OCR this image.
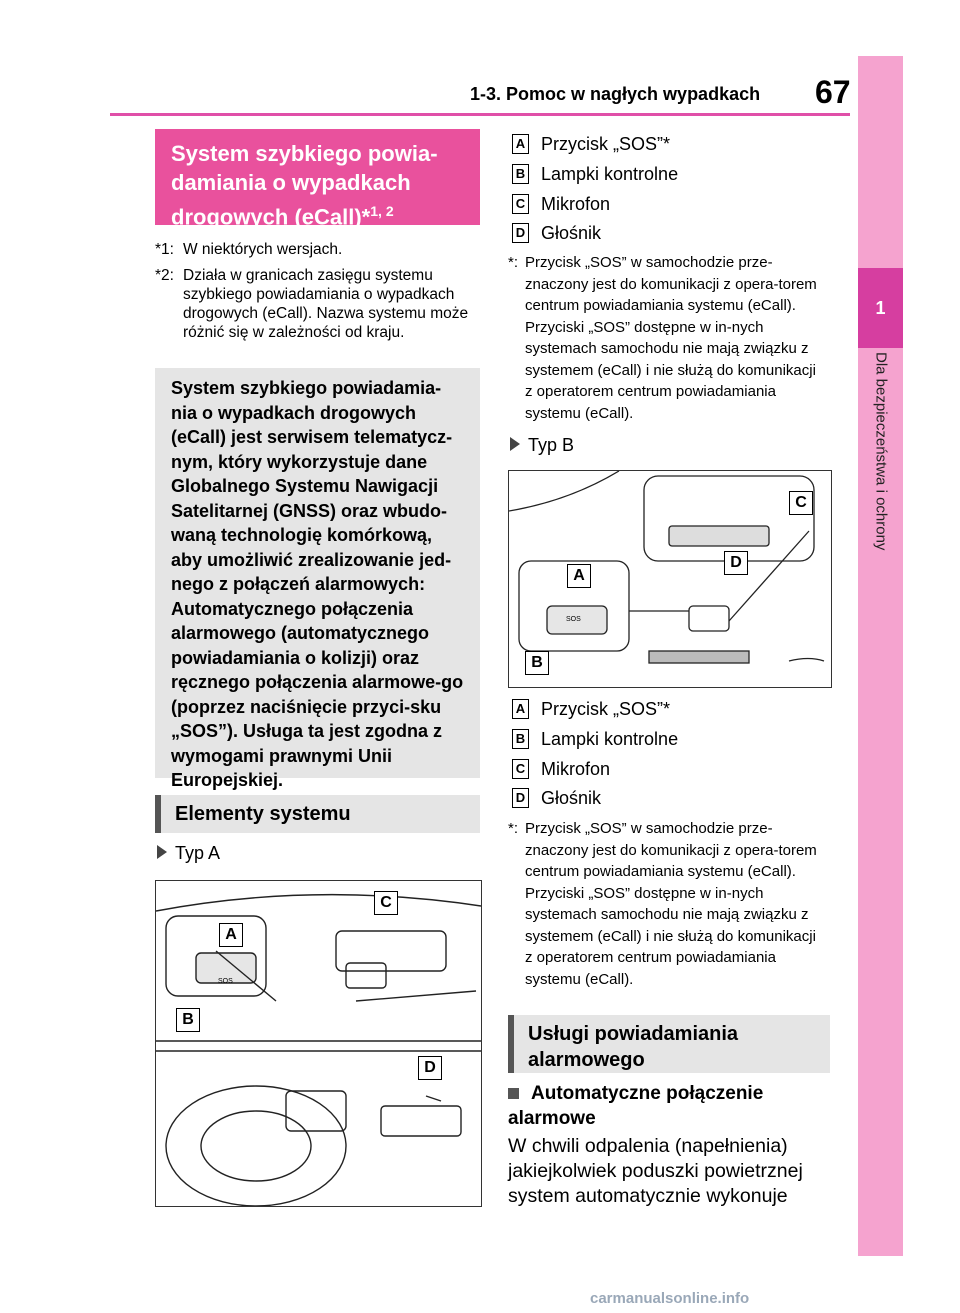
1-3. Pomoc w nagłych wypadkach 67
1
Dla bezpieczeństwa i ochrony
System szybkiego powia-damiania o wypadkach drogowych (eCall)*$^{1, 2}$
*1: W niektórych wersjach.
*2: Działa w granicach zasięgu systemu szybkiego powiadamiania o wypadkach drogowych (eCall). Nazwa systemu może różnić się w zależności od kraju.
System szybkiego powiadamia-nia o wypadkach drogowych (eCall) jest serwisem telematycz-nym, który wykorzystuje dane Globalnego Systemu Nawigacji Satelitarnej (GNSS) oraz wbudo-waną technologię komórkową, aby umożliwić zrealizowanie jed-nego z połączeń alarmowych: Automatycznego połączenia alarmowego (automatycznego powiadamiania o kolizji) oraz ręcznego połączenia alarmowe-go (poprzez naciśnięcie przyci-sku „SOS”). Usługa ta jest zgodna z wymogami prawnymi Unii Europejskiej.
Elementy systemu
Typ A
A
B
C
D
SOS
A Przycisk „SOS”*
B Lampki kontrolne
C Mikrofon
D Głośnik
*: Przycisk „SOS” w samochodzie prze-znaczony jest do komunikacji z opera-torem centrum powiadamiania systemu (eCall). Przyciski „SOS” dostępne w in-nych systemach samochodu nie mają związku z systemem (eCall) i nie służą do komunikacji z operatorem centrum powiadamiania systemu (eCall).
Typ B
A
B
C
D
SOS
A Przycisk „SOS”*
B Lampki kontrolne
C Mikrofon
D Głośnik
*: Przycisk „SOS” w samochodzie prze-znaczony jest do komunikacji z opera-torem centrum powiadamiania systemu (eCall). Przyciski „SOS” dostępne w in-nych systemach samochodu nie mają związku z systemem (eCall) i nie służą do komunikacji z operatorem centrum powiadamiania systemu (eCall).
Usługi powiadamiania alarmowego
Automatyczne połączenie alarmowe
W chwili odpalenia (napełnienia) jakiejkolwiek poduszki powietrznej system automatycznie wykonuje
carmanualsonline.info
